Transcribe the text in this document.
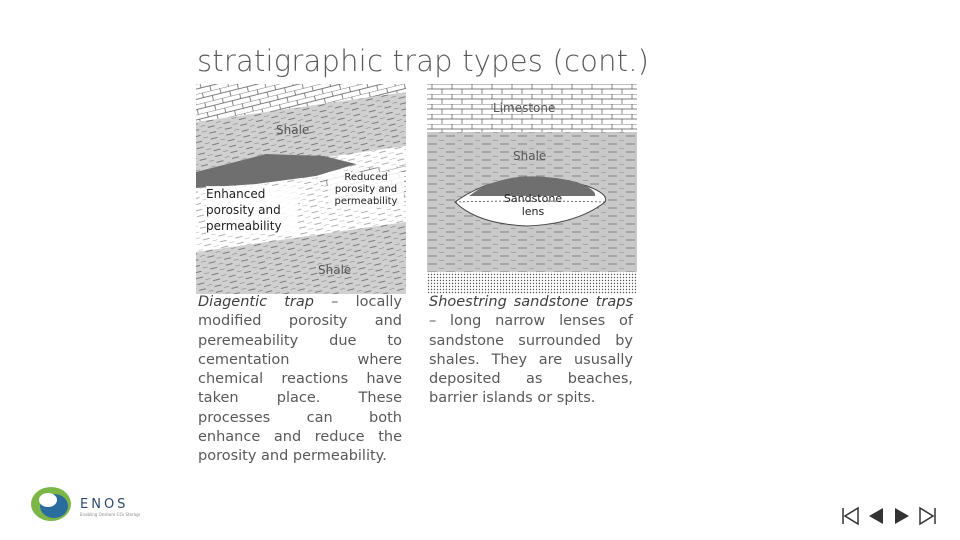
stratigraphic trap types (cont.)
Shale
Enhanced porosity and permeability
Reduced porosity and permeability
Shale
Limestone
Shale
Sandstone lens
Diagentic trap – locally modified porosity and peremeability due to cementation where chemical reactions have taken place. These processes can both enhance and reduce the porosity and permeability.
Shoestring sandstone traps – long narrow lenses of sandstone surrounded by shales. They are ususally deposited as beaches, barrier islands or spits.
ENOS
Enabling Onshore CO₂ Storage
